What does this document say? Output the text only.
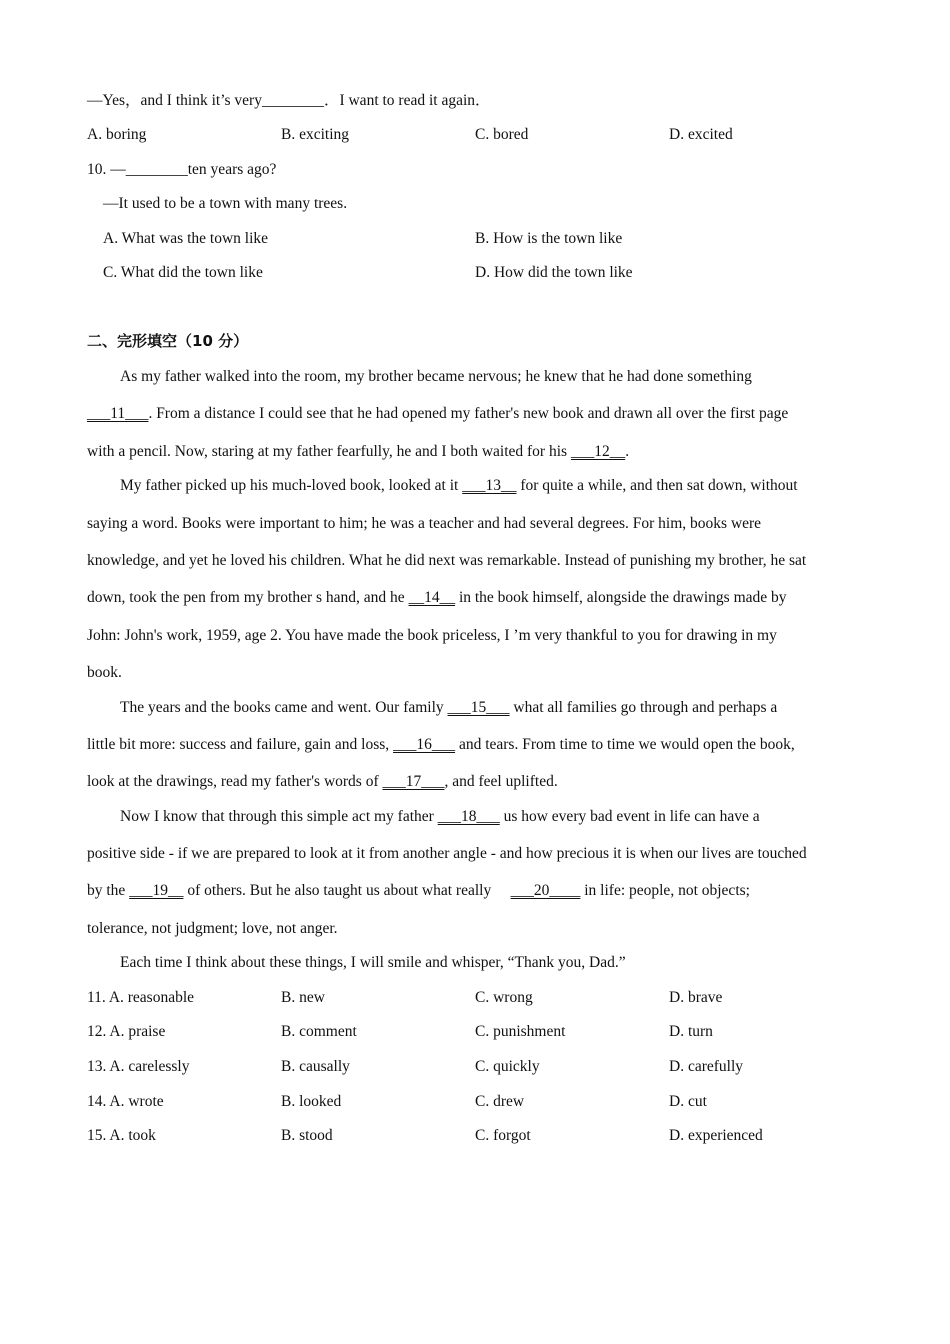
—Yes，and I think it’s very________．I want to read it again．
A. boring	B. exciting	C. bored	D. excited
10. —________ten years ago?
—It used to be a town with many trees.
A. What was the town like	B. How is the town like
C. What did the town like	D. How did the town like
二、完形填空（10 分）
As my father walked into the room, my brother became nervous; he knew that he had done something
___11___. From a distance I could see that he had opened my father's new book and drawn all over the first page
with a pencil. Now, staring at my father fearfully, he and I both waited for his ___12__.
My father picked up his much-loved book, looked at it ___13__ for quite a while, and then sat down, without
saying a word. Books were important to him; he was a teacher and had several degrees. For him, books were
knowledge, and yet he loved his children. What he did next was remarkable. Instead of punishing my brother, he sat
down, took the pen from my brother s hand, and he __14__ in the book himself, alongside the drawings made by
John: John's work, 1959, age 2. You have made the book priceless, I ’m very thankful to you for drawing in my
book.
The years and the books came and went. Our family ___15___ what all families go through and perhaps a
little bit more: success and failure, gain and loss, ___16___ and tears. From time to time we would open the book,
look at the drawings, read my father's words of ___17___, and feel uplifted.
Now I know that through this simple act my father ___18___ us how every bad event in life can have a
positive side - if we are prepared to look at it from another angle - and how precious it is when our lives are touched
by the ___19__ of others. But he also taught us about what really     ___20____ in life: people, not objects;
tolerance, not judgment; love, not anger.
Each time I think about these things, I will smile and whisper, “Thank you, Dad.”
11. A. reasonable	B. new	C. wrong	D. brave
12. A. praise	B. comment	C. punishment	D. turn
13. A. carelessly	B. causally	C. quickly	D. carefully
14. A. wrote	B. looked	C. drew	D. cut
15. A. took	B. stood	C. forgot	D. experienced
